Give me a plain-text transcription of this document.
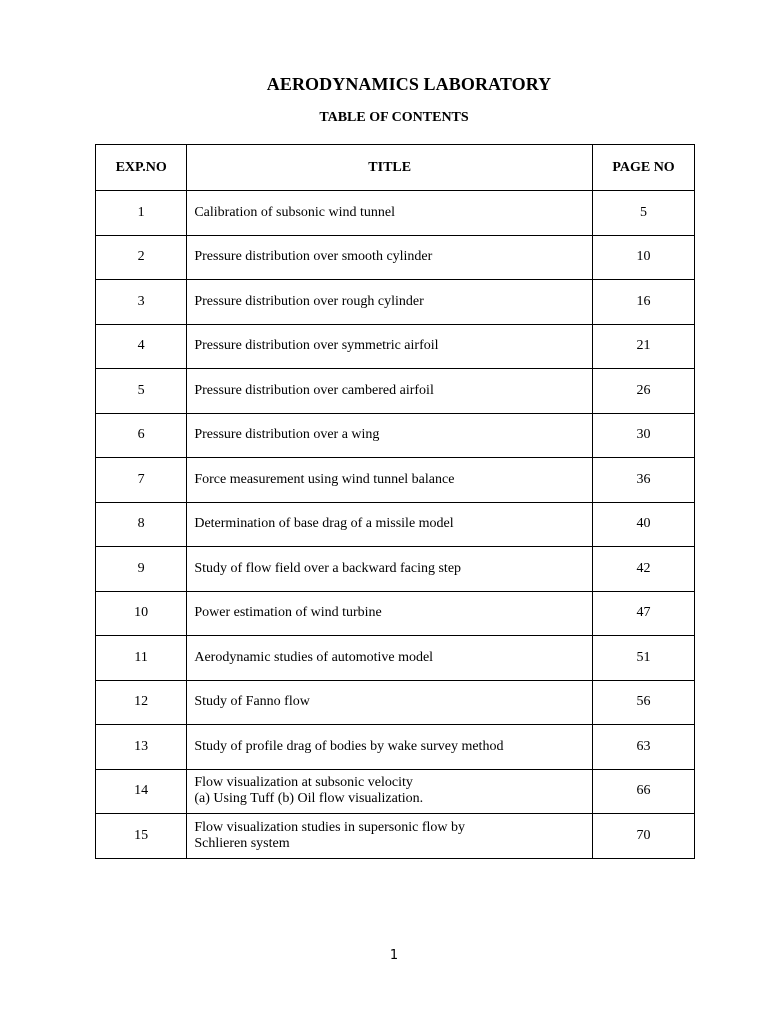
AERODYNAMICS LABORATORY
TABLE OF CONTENTS
EXP.NO	TITLE	PAGE NO
1	Calibration of subsonic wind tunnel	5
2	Pressure distribution over smooth cylinder	10
3	Pressure distribution over rough cylinder	16
4	Pressure distribution over symmetric airfoil	21
5	Pressure distribution over cambered airfoil	26
6	Pressure distribution over a wing	30
7	Force measurement using wind tunnel balance	36
8	Determination of base drag of a missile model	40
9	Study of flow field over a backward facing step	42
10	Power estimation of wind turbine	47
11	Aerodynamic studies of automotive model	51
12	Study of Fanno flow	56
13	Study of profile drag of bodies by wake survey method	63
14	Flow visualization at subsonic velocity
(a) Using Tuff (b) Oil flow visualization.	66
15	Flow visualization studies in supersonic flow by
Schlieren system	70
1
